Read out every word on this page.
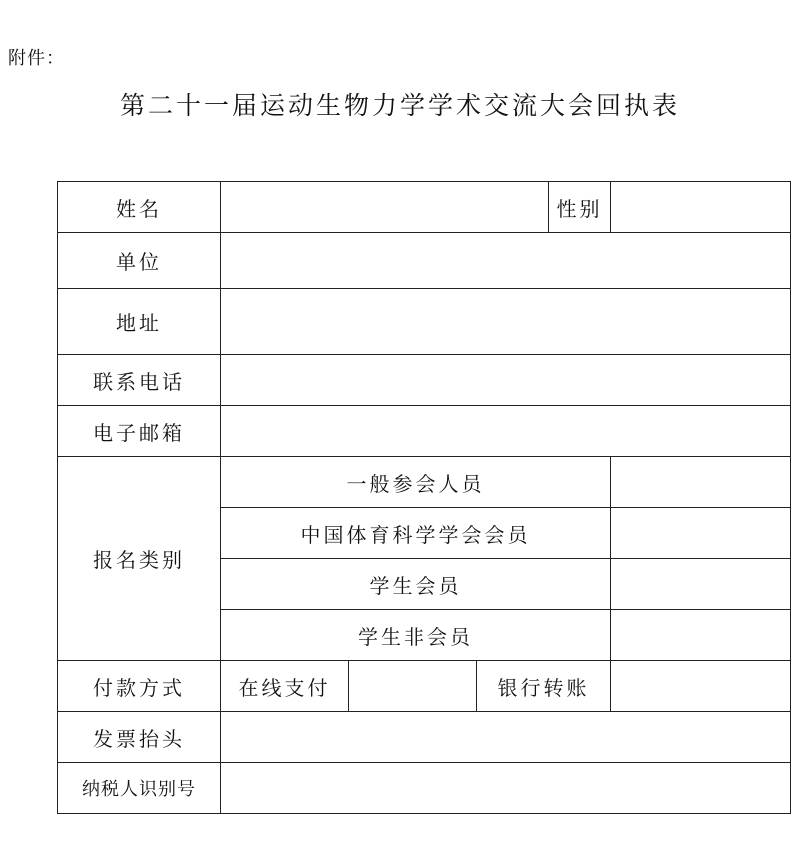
附件：
第二十一届运动生物力学学术交流大会回执表
姓名				性别	
单位					
地址					
联系电话					
电子邮箱					
报名类别	一般参会人员				
	中国体育科学学会会员				
	学生会员				
	学生非会员				
付款方式	在线支付		银行转账		
发票抬头					
纳税人识别号					
